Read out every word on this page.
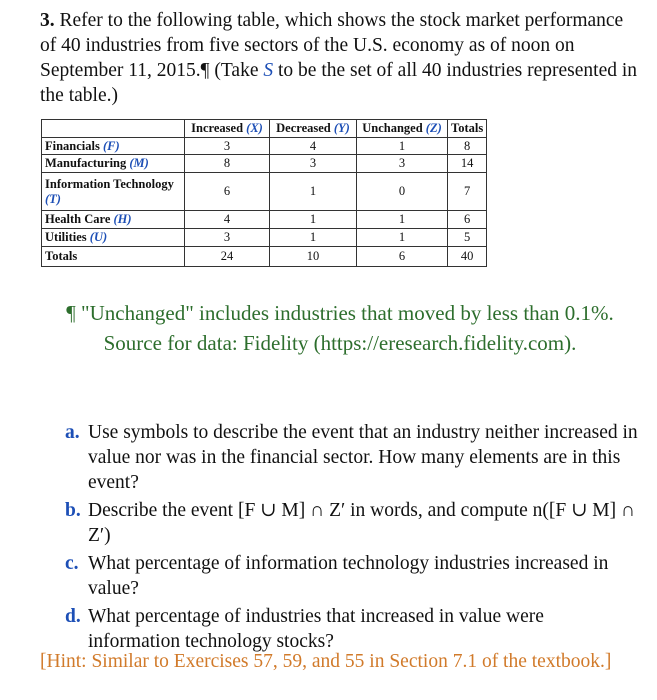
3. Refer to the following table, which shows the stock market performance of 40 industries from five sectors of the U.S. economy as of noon on September 11, 2015.¶ (Take S to be the set of all 40 industries represented in the table.)
	Increased (X)	Decreased (Y)	Unchanged (Z)	Totals
Financials (F)	3	4	1	8
Manufacturing (M)	8	3	3	14
Information Technology (T)	6	1	0	7
Health Care (H)	4	1	1	6
Utilities (U)	3	1	1	5
Totals	24	10	6	40
¶ "Unchanged" includes industries that moved by less than 0.1%. Source for data: Fidelity (https://eresearch.fidelity.com).
a. Use symbols to describe the event that an industry neither increased in value nor was in the financial sector. How many elements are in this event?
b. Describe the event [F ∪ M] ∩ Z′ in words, and compute n([F ∪ M] ∩ Z′)
c. What percentage of information technology industries increased in value?
d. What percentage of industries that increased in value were information technology stocks?
[Hint: Similar to Exercises 57, 59, and 55 in Section 7.1 of the textbook.]
